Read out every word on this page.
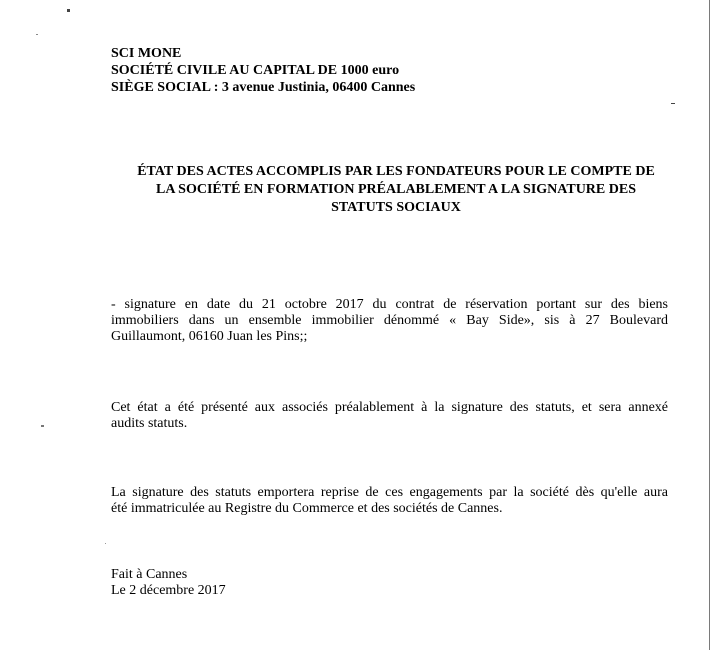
SCI MONE
SOCIÉTÉ CIVILE AU CAPITAL DE 1000 euro
SIÈGE SOCIAL : 3 avenue Justinia, 06400 Cannes
ÉTAT DES ACTES ACCOMPLIS PAR LES FONDATEURS POUR LE COMPTE DE
LA SOCIÉTÉ EN FORMATION PRÉALABLEMENT A LA SIGNATURE DES
STATUTS SOCIAUX
- signature en date du 21 octobre 2017 du contrat de réservation portant sur des biens
immobiliers dans un ensemble immobilier dénommé « Bay Side», sis à 27 Boulevard
Guillaumont, 06160 Juan les Pins;;
Cet état a été présenté aux associés préalablement à la signature des statuts, et sera annexé
audits statuts.
La signature des statuts emportera reprise de ces engagements par la société dès qu'elle aura
été immatriculée au Registre du Commerce et des sociétés de Cannes.
Fait à Cannes
Le 2 décembre 2017
